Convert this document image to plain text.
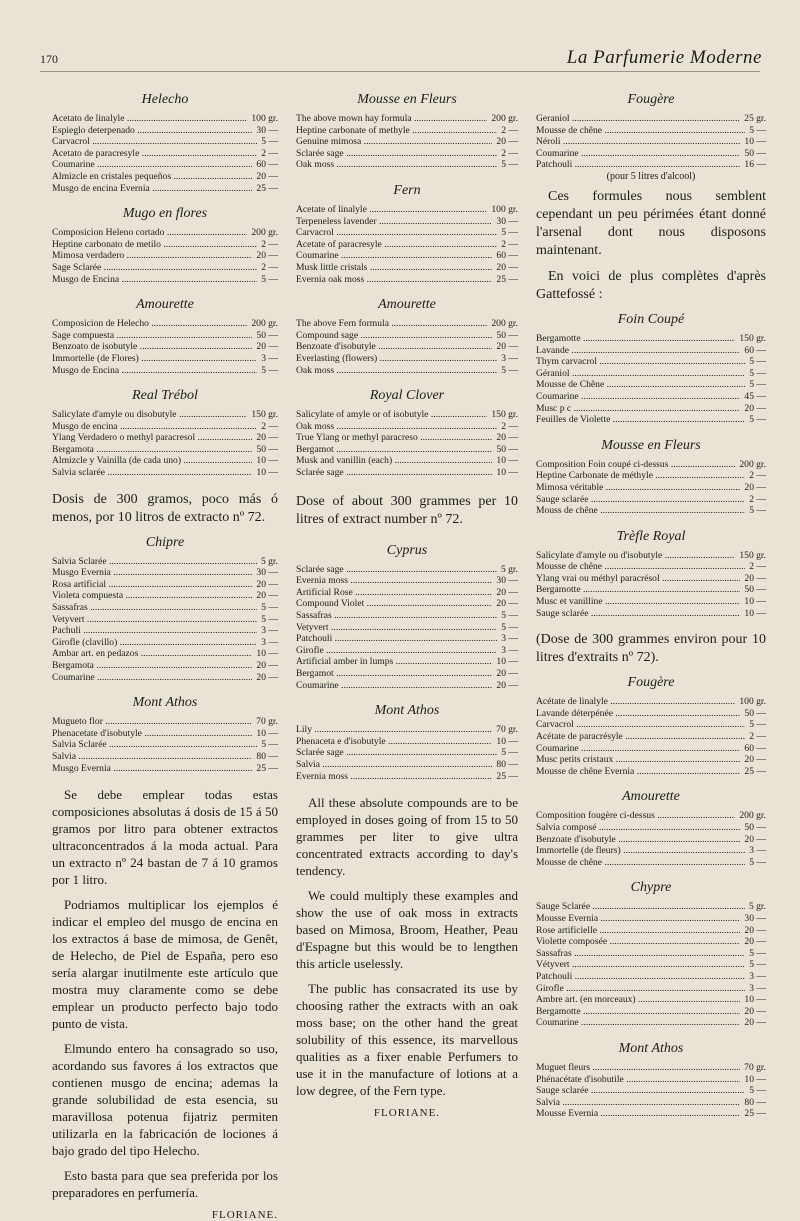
170	La Parfumerie Moderne
Helecho
Acetato de linalyle .....	100 gr.
Espieglo deterpenado .....	30 —
Carvacrol .....	5 —
Acetato de paracresyle .....	2 —
Coumarine .....	60 —
Almizcle en cristales pequeños .....	20 —
Musgo de encina Evernia .....	25 —
Mugo en flores
Composicion Heleno cortado .....	200 gr.
Heptine carbonato de metilo .....	2 —
Mimosa verdadero .....	20 —
Sage Sclarée .....	2 —
Musgo de Encina .....	5 —
Amourette
Composicion de Helecho .....	200 gr.
Sage compuesta .....	50 —
Benzoato de isobutyle .....	20 —
Immortelle (de Flores) .....	3 —
Musgo de Encina .....	5 —
Real Trébol
Salicylate d'amyle ou disobutyle .....	150 gr.
Musgo de encina .....	2 —
Ylang Verdadero o methyl paracresol .....	20 —
Bergamota .....	50 —
Almizcle y Vainilla (de cada uno) .....	10 —
Salvia sclarée .....	10 —

Dosis de 300 gramos, poco más ó menos, por 10 litros de extracto nº 72.

Chipre
Salvia Sclarée .....	5 gr.
Musgo Evernia .....	30 —
Rosa artificial .....	20 —
Violeta compuesta .....	20 —
Sassafras .....	5 —
Vetyvert .....	5 —
Pachuli .....	3 —
Girofle (clavillo) .....	3 —
Ambar art. en pedazos .....	10 —
Bergamota .....	20 —
Coumarine .....	20 —
Mont Athos
Mugueto flor .....	70 gr.
Phenacetate d'isobutyle .....	10 —
Salvia Sclarée .....	5 —
Salvia .....	80 —
Musgo Evernia .....	25 —

Se debe emplear todas estas composiciones absolutas á dosis de 15 á 50 gramos por litro para obtener extractos ultraconcentrados á la moda actual. Para un extracto nº 24 bastan de 7 á 10 gramos por 1 litro.

Podriamos multiplicar los ejemplos é indicar el empleo del musgo de encina en los extractos á base de mimosa, de Genêt, de Helecho, de Piel de España, pero eso sería alargar inutilmente este artículo que mostra muy claramente como se debe emplear un producto perfecto bajo todo punto de vista.

Elmundo entero ha consagrado so uso, acordando sus favores á los extractos que contienen musgo de encina; ademas la grande solubilidad de esta esencia, su maravillosa potenua fijatriz permiten utilizarla en la fabricación de lociones á bajo grado del tipo Helecho.

Esto basta para que sea preferida por los preparadores en perfumería.

FLORIANE.
Mousse en Fleurs
The above mown hay formula .....	200 gr.
Heptine carbonate of methyle .....	2 —
Genuine mimosa .....	20 —
Sclarée sage .....	2 —
Oak moss .....	5 —
Fern
Acetate of linalyle .....	100 gr.
Terpeneless lavender .....	30 —
Carvacrol .....	5 —
Acetate of paracresyle .....	2 —
Coumarine .....	60 —
Musk little cristals .....	20 —
Evernia oak moss .....	25 —
Amourette
The above Fern formula .....	200 gr.
Compound sage .....	50 —
Benzoate d'isobutyle .....	20 —
Everlasting (flowers) .....	3 —
Oak moss .....	5 —
Royal Clover
Salicylate of amyle or of isobutyle .....	150 gr.
Oak moss .....	2 —
True Ylang or methyl paracreso .....	20 —
Bergamot .....	50 —
Musk and vanillin (each) .....	10 —
Sclarée sage .....	10 —

Dose of about 300 grammes per 10 litres of extract number nº 72.

Cyprus
Sclarée sage .....	5 gr.
Evernia moss .....	30 —
Artificial Rose .....	20 —
Compound Violet .....	20 —
Sassafras .....	5 —
Vetyvert .....	5 —
Patchouli .....	3 —
Girofle .....	3 —
Artificial amber in lumps .....	10 —
Bergamot .....	20 —
Coumarine .....	20 —
Mont Athos
Lily .....	70 gr.
Phenaceta e d'isobutyle .....	10 —
Sclarée sage .....	5 —
Salvia .....	80 —
Evernia moss .....	25 —

All these absolute compounds are to be employed in doses going of from 15 to 50 grammes per liter to give ultra concentrated extracts according to day's tendency.

We could multiply these examples and show the use of oak moss in extracts based on Mimosa, Broom, Heather, Peau d'Espagne but this would be to lengthen this article uselessly.

The public has consacrated its use by choosing rather the extracts with an oak moss base; on the other hand the great solubility of this essence, its marvellous qualities as a fixer enable Perfumers to use it in the manufacture of lotions at a low degree, of the Fern type.

FLORIANE.
Fougère
Geraniol .....	25 gr.
Mousse de chêne .....	5 —
Néroli .....	10 —
Coumarine .....	50 —
Patchouli .....	16 —
(pour 5 litres d'alcool)

Ces formules nous semblent cependant un peu périmées étant donné l'arsenal dont nous disposons maintenant.

En voici de plus complètes d'après Gattefossé :

Foin Coupé
Bergamotte .....	150 gr.
Lavande .....	60 —
Thym carvacrol .....	5 —
Géraniol .....	5 —
Mousse de Chêne .....	5 —
Coumarine .....	45 —
Musc p c .....	20 —
Feuilles de Violette .....	5 —
Mousse en Fleurs
Composition Foin coupé ci-dessus .....	200 gr.
Heptine Carbonate de méthyle .....	2 —
Mimosa véritable .....	20 —
Sauge sclarée .....	2 —
Mouss de chêne .....	5 —
Trèfle Royal
Salicylate d'amyle ou d'isobutyle .....	150 gr.
Mousse de chêne .....	2 —
Ylang vrai ou méthyl paracrésol .....	20 —
Bergamotte .....	50 —
Musc et vanilline .....	10 —
Sauge sclarée .....	10 —

(Dose de 300 grammes environ pour 10 litres d'extraits nº 72).

Fougère
Acétate de linalyle .....	100 gr.
Lavande déterpénée .....	50 —
Carvacrol .....	5 —
Acétate de paracrésyle .....	2 —
Coumarine .....	60 —
Musc petits cristaux .....	20 —
Mousse de chêne Evernia .....	25 —
Amourette
Composition fougère ci-dessus .....	200 gr.
Salvia composé .....	50 —
Benzoate d'isobutyle .....	20 —
Immortelle (de fleurs) .....	3 —
Mousse de chêne .....	5 —
Chypre
Sauge Sclarée .....	5 gr.
Mousse Evernia .....	30 —
Rose artificielle .....	20 —
Violette composée .....	20 —
Sassafras .....	5 —
Vétyvert .....	5 —
Patchouli .....	3 —
Girofle .....	3 —
Ambre art. (en morceaux) .....	10 —
Bergamotte .....	20 —
Coumarine .....	20 —
Mont Athos
Muguet fleurs .....	70 gr.
Phénacétate d'isobutile .....	10 —
Sauge sclarée .....	5 —
Salvia .....	80 —
Mousse Evernia .....	25 —
